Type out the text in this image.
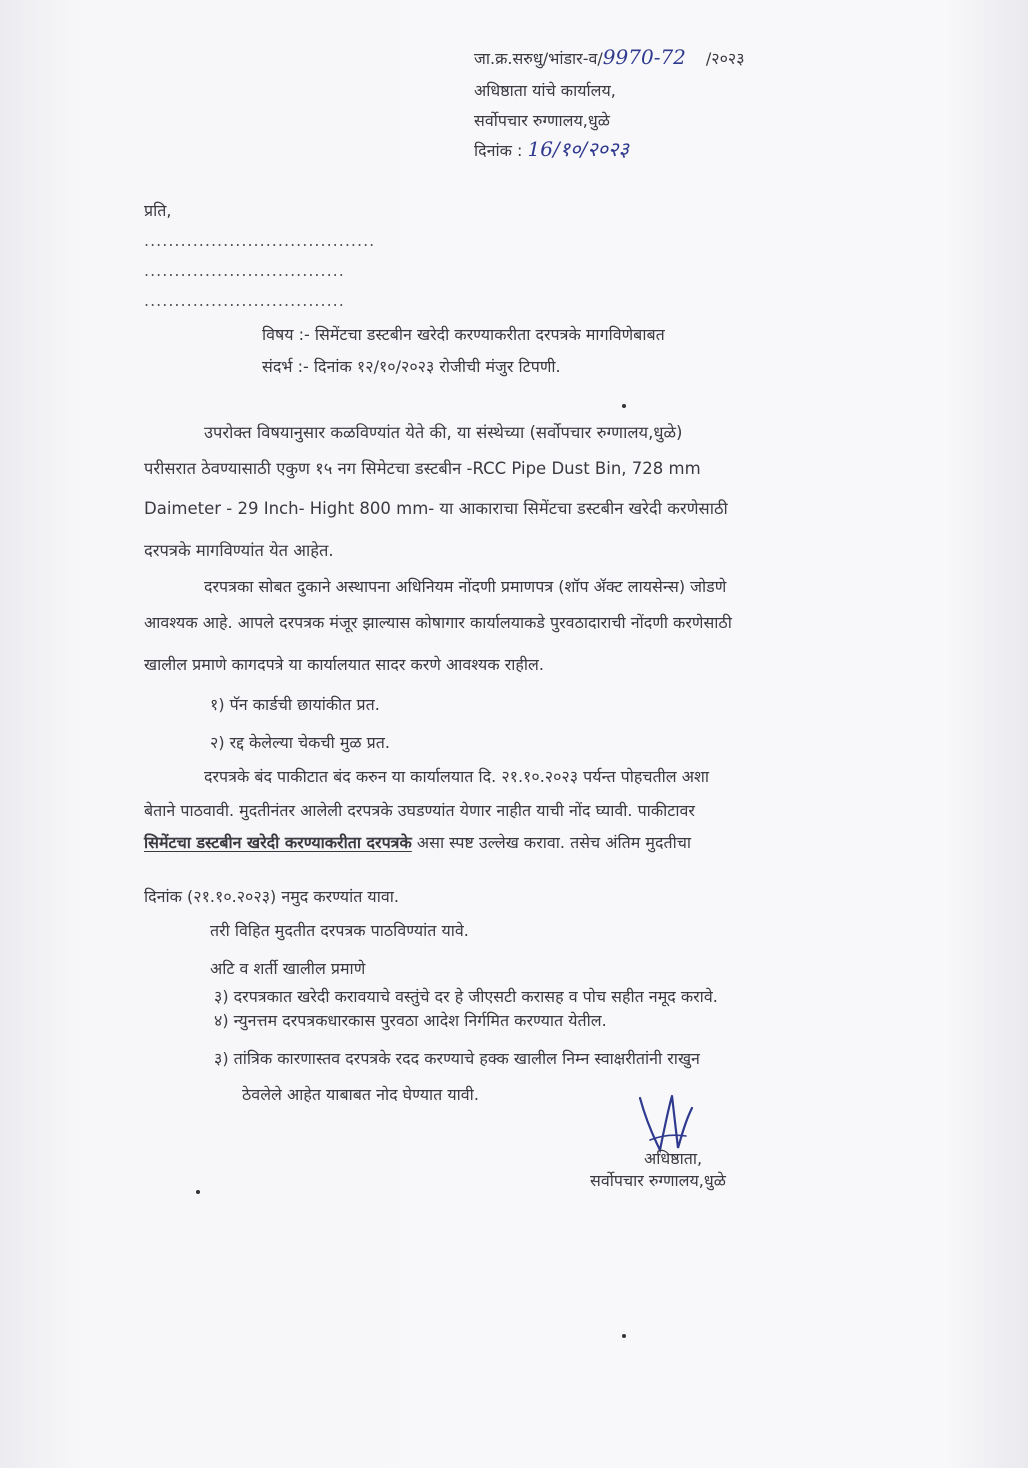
जा.क्र.सरुधु/भांडार-व/9970-72 /२०२३
अधिष्ठाता यांचे कार्यालय,
सर्वोपचार रुग्णालय,धुळे
दिनांक : 16/१०/२०२३
प्रति,
......................................
.................................
.................................
विषय :- सिमेंटचा डस्टबीन खरेदी करण्याकरीता दरपत्रके मागविणेबाबत
संदर्भ :- दिनांक १२/१०/२०२३ रोजीची मंजुर टिपणी.
उपरोक्त विषयानुसार कळविण्यांत येते की, या संस्थेच्या (सर्वोपचार रुग्णालय,धुळे)
परीसरात ठेवण्यासाठी एकुण १५ नग सिमेटचा डस्टबीन -RCC Pipe Dust Bin, 728 mm
Daimeter - 29 Inch- Hight 800 mm- या आकाराचा सिमेंटचा डस्टबीन खरेदी करणेसाठी
दरपत्रके मागविण्यांत येत आहेत.
दरपत्रका सोबत दुकाने अस्थापना अधिनियम नोंदणी प्रमाणपत्र (शॉप ॲक्ट लायसेन्स) जोडणे
आवश्यक आहे. आपले दरपत्रक मंजूर झाल्यास कोषागार कार्यालयाकडे पुरवठादाराची नोंदणी करणेसाठी
खालील प्रमाणे कागदपत्रे या कार्यालयात सादर करणे आवश्यक राहील.
१) पॅन कार्डची छायांकीत प्रत.
२) रद्द केलेल्या चेकची मुळ प्रत.
दरपत्रके बंद पाकीटात बंद करुन या कार्यालयात दि. २१.१०.२०२३ पर्यन्त पोहचतील अशा
बेताने पाठवावी. मुदतीनंतर आलेली दरपत्रके उघडण्यांत येणार नाहीत याची नोंद घ्यावी. पाकीटावर
सिमेंटचा डस्टबीन खरेदी करण्याकरीता दरपत्रके असा स्पष्ट उल्लेख करावा. तसेच अंतिम मुदतीचा
दिनांक (२१.१०.२०२३) नमुद करण्यांत यावा.
तरी विहित मुदतीत दरपत्रक पाठविण्यांत यावे.
अटि व शर्ती खालील प्रमाणे
३) दरपत्रकात खरेदी करावयाचे वस्तुंचे दर हे जीएसटी करासह व पोच सहीत नमूद करावे.
४) न्युनत्तम दरपत्रकधारकास पुरवठा आदेश निर्गमित करण्यात येतील.
३) तांत्रिक कारणास्तव दरपत्रके रदद करण्याचे हक्क खालील निम्न स्वाक्षरीतांनी राखुन
ठेवलेले आहेत याबाबत नोद घेण्यात यावी.
अधिष्ठाता,
सर्वोपचार रुग्णालय,धुळे
